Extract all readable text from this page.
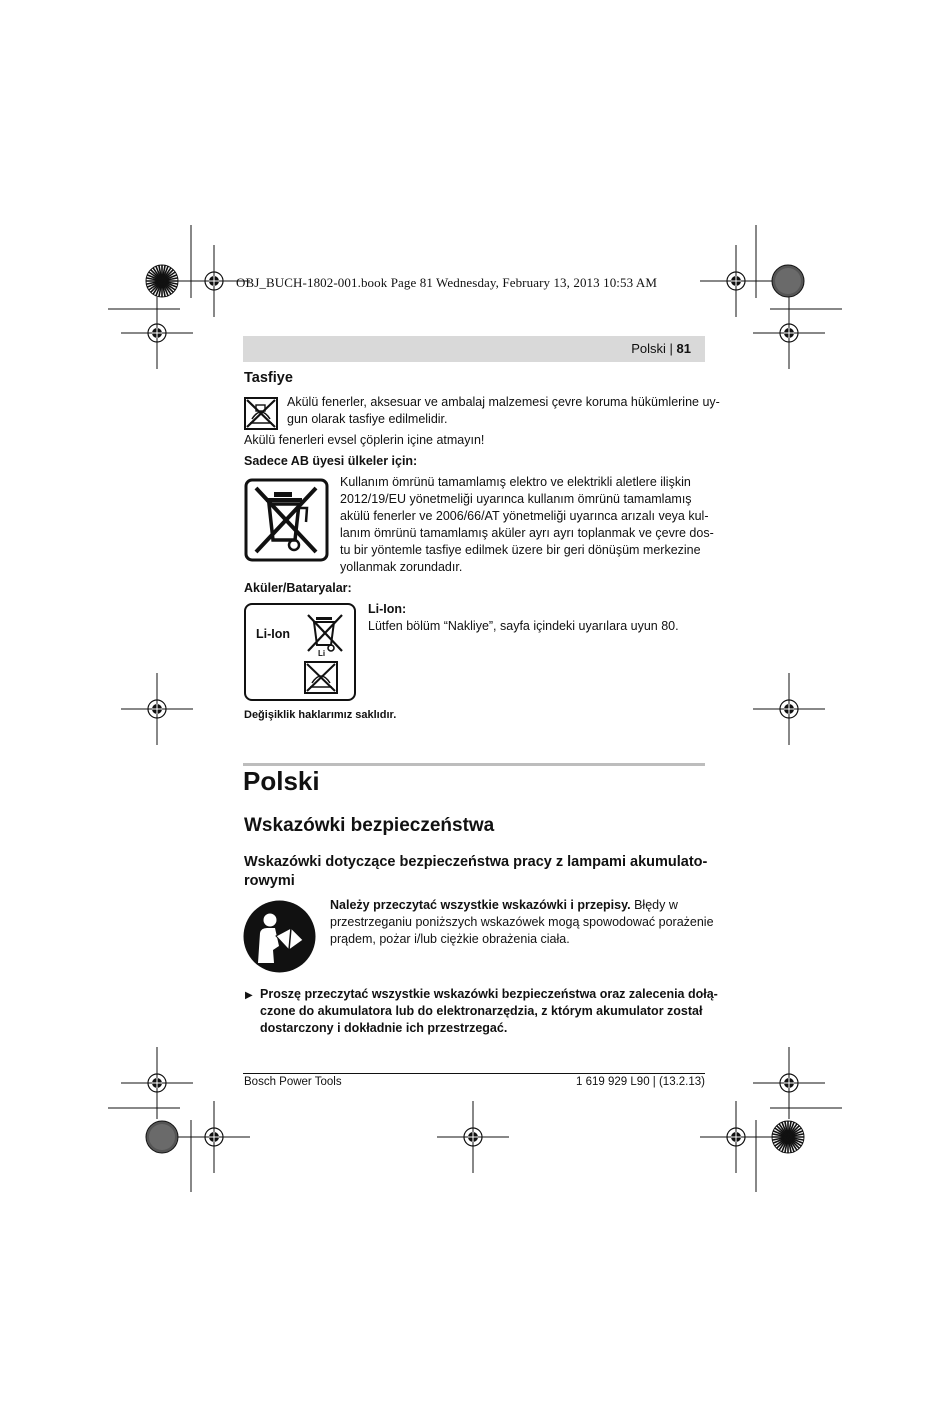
OBJ_BUCH-1802-001.book Page 81 Wednesday, February 13, 2013 10:53 AM
Polski | 81
Tasfiye
Akülü fenerler, aksesuar ve ambalaj malzemesi çevre koruma hükümlerine uy-
gun olarak tasfiye edilmelidir.
Akülü fenerleri evsel çöplerin içine atmayın!
Sadece AB üyesi ülkeler için:
Kullanım ömrünü tamamlamış elektro ve elektrikli aletlere ilişkin
2012/19/EU yönetmeliği uyarınca kullanım ömrünü tamamlamış
akülü fenerler ve 2006/66/AT yönetmeliği uyarınca arızalı veya kul-
lanım ömrünü tamamlamış aküler ayrı ayrı toplanmak ve çevre dos-
tu bir yöntemle tasfiye edilmek üzere bir geri dönüşüm merkezine
yollanmak zorundadır.
Aküler/Bataryalar:
Li-Ion
Li
Li-Ion:
Lütfen bölüm “Nakliye”, sayfa içindeki uyarılara uyun 80.
Değişiklik haklarımız saklıdır.
Polski
Wskazówki bezpieczeństwa
Wskazówki dotyczące bezpieczeństwa pracy z lampami akumulato-
rowymi
Należy przeczytać wszystkie wskazówki i przepisy. Błędy w
przestrzeganiu poniższych wskazówek mogą spowodować porażenie
prądem, pożar i/lub ciężkie obrażenia ciała.
▶ Proszę przeczytać wszystkie wskazówki bezpieczeństwa oraz zalecenia dołą-
czone do akumulatora lub do elektronarzędzia, z którym akumulator został
dostarczony i dokładnie ich przestrzegać.
Bosch Power Tools	1 619 929 L90 | (13.2.13)
